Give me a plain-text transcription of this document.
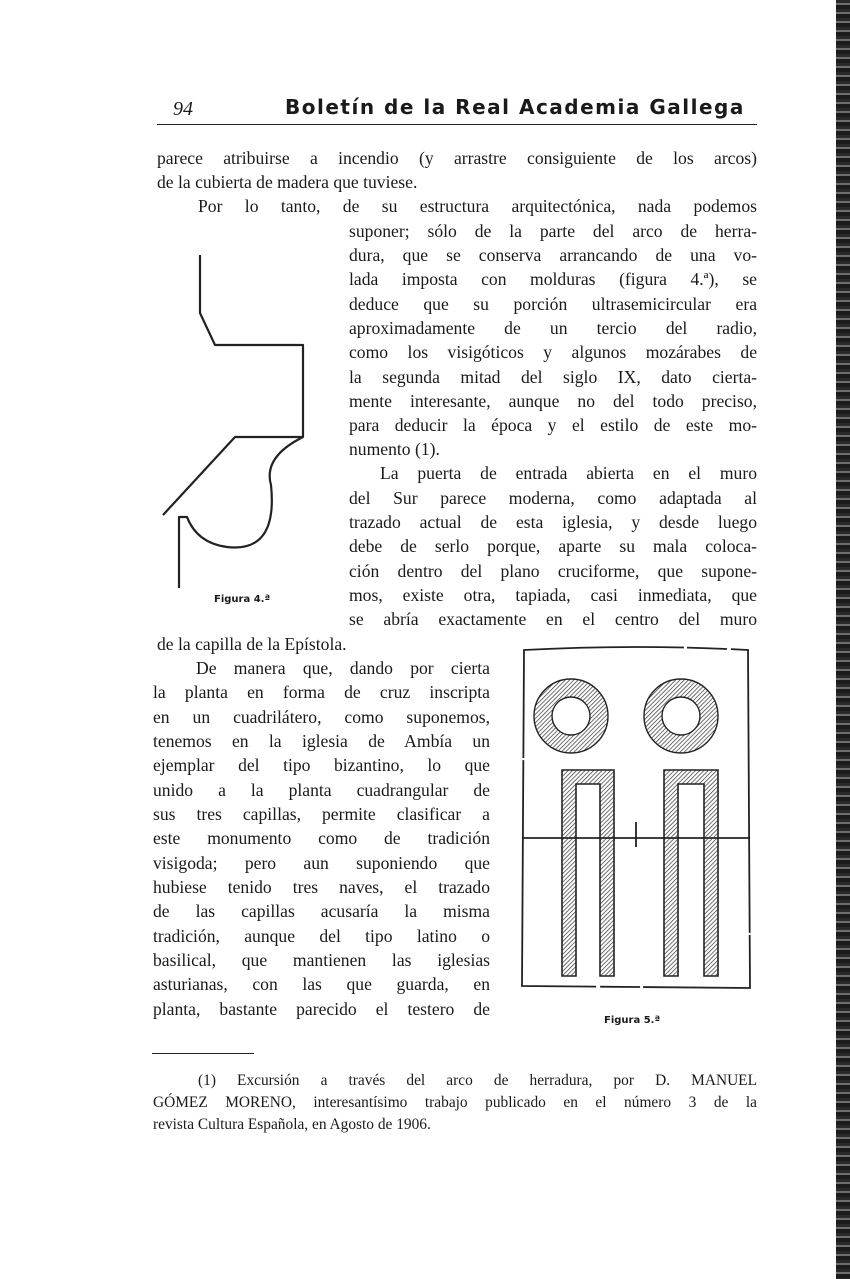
94	Boletín de la Real Academia Gallega
parece atribuirse a incendio (y arrastre consiguiente de los arcos)
de la cubierta de madera que tuviese.
Por lo tanto, de su estructura arquitectónica, nada podemos
suponer; sólo de la parte del arco de herra-
dura, que se conserva arrancando de una vo-
lada imposta con molduras (figura 4.ª), se
deduce que su porción ultrasemicircular era
aproximadamente de un tercio del radio,
como los visigóticos y algunos mozárabes de
la segunda mitad del siglo IX, dato cierta-
mente interesante, aunque no del todo preciso,
para deducir la época y el estilo de este mo-
numento (1).
La puerta de entrada abierta en el muro
del Sur parece moderna, como adaptada al
trazado actual de esta iglesia, y desde luego
debe de serlo porque, aparte su mala coloca-
ción dentro del plano cruciforme, que supone-
mos, existe otra, tapiada, casi inmediata, que
se abría exactamente en el centro del muro
de la capilla de la Epístola.
De manera que, dando por cierta
la planta en forma de cruz inscripta
en un cuadrilátero, como suponemos,
tenemos en la iglesia de Ambía un
ejemplar del tipo bizantino, lo que
unido a la planta cuadrangular de
sus tres capillas, permite clasificar a
este monumento como de tradición
visigoda; pero aun suponiendo que
hubiese tenido tres naves, el trazado
de las capillas acusaría la misma
tradición, aunque del tipo latino o
basilical, que mantienen las iglesias
asturianas, con las que guarda, en
planta, bastante parecido el testero de
Figura 4.ª
Figura 5.ª
(1) Excursión a través del arco de herradura, por D. MANUEL
GÓMEZ MORENO, interesantísimo trabajo publicado en el número 3 de la
revista Cultura Española, en Agosto de 1906.
